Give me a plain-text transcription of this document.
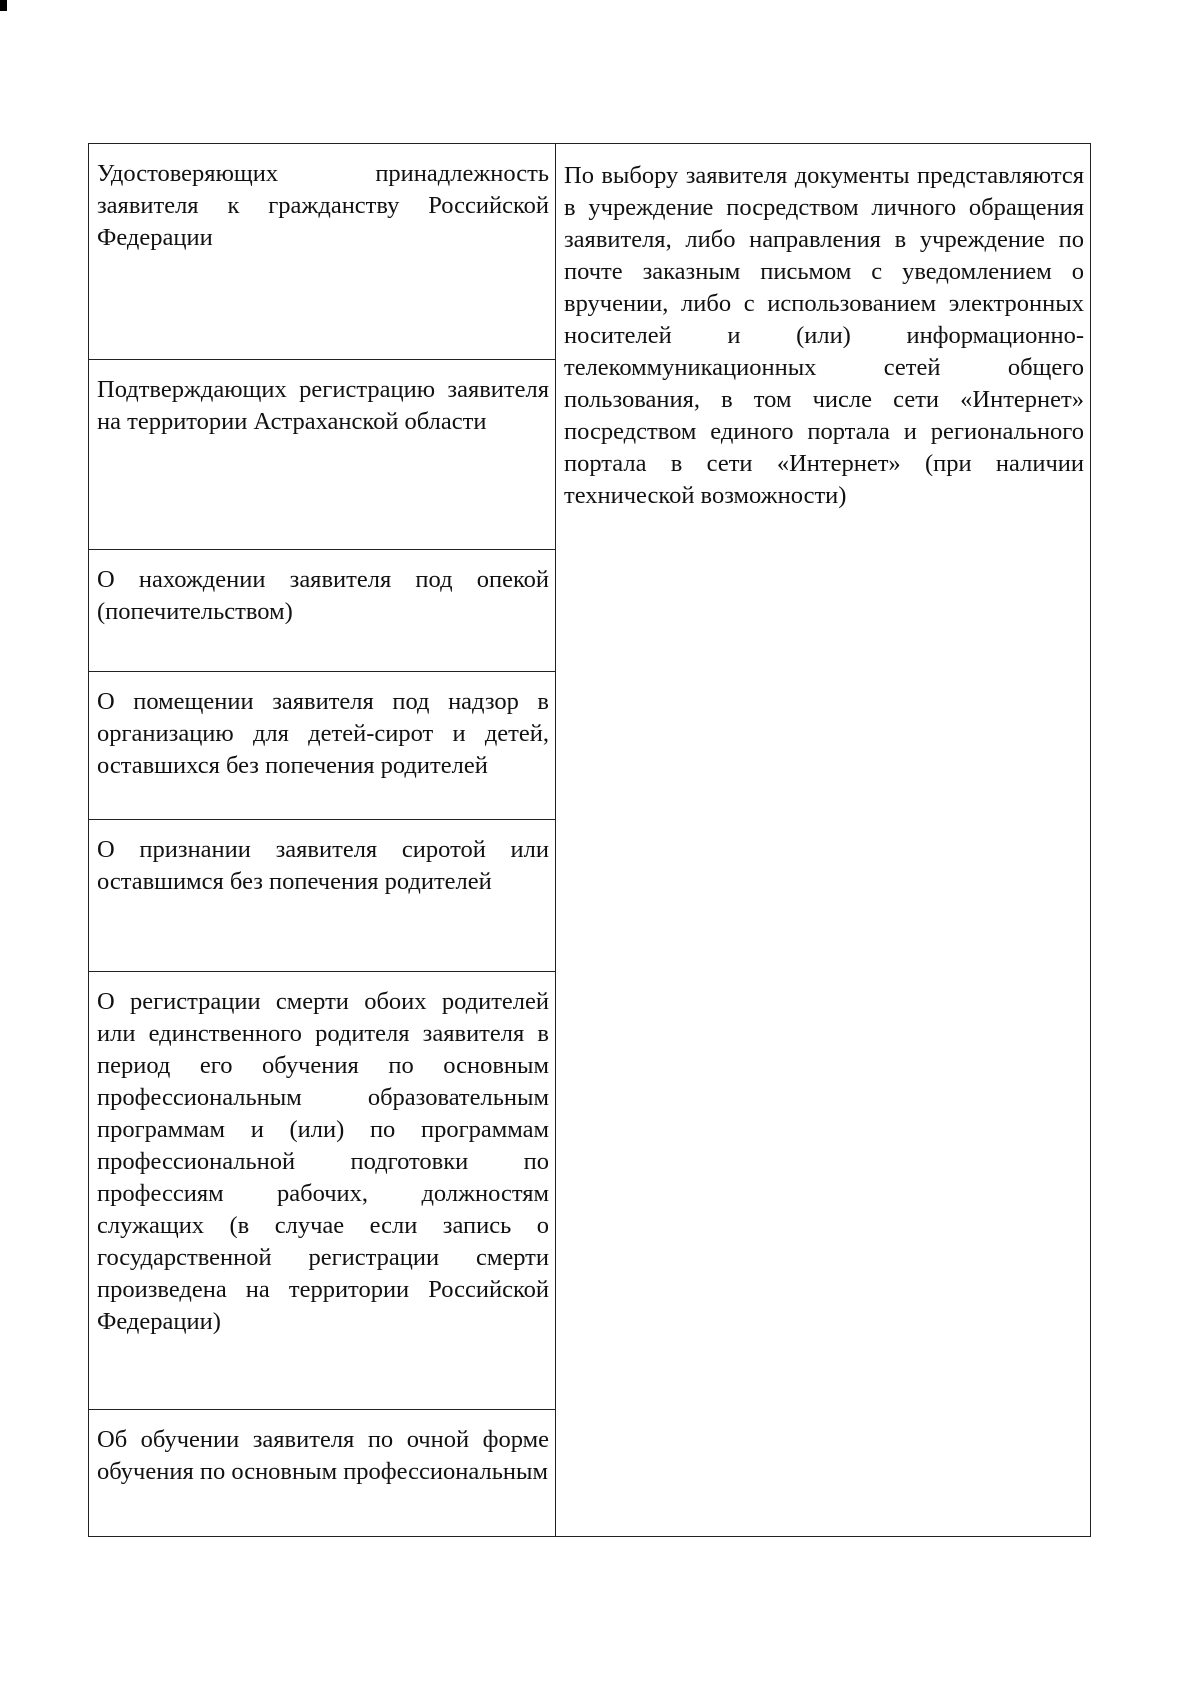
Удостоверяющих принадлежность заявителя к гражданству Российской Федерации	По выбору заявителя документы представляются в учреждение посредством личного обращения заявителя, либо направления в учреждение по почте заказным письмом с уведомлением о вручении, либо с использованием электронных носителей и (или) информационно-телекоммуникационных сетей общего пользования, в том числе сети «Интернет» посредством единого портала и регионального портала в сети «Интернет» (при наличии технической возможности)
Подтверждающих регистрацию заявителя на территории Астраханской области
О нахождении заявителя под опекой (попечительством)
О помещении заявителя под надзор в организацию для детей-сирот и детей, оставшихся без попечения родителей
О признании заявителя сиротой или оставшимся без попечения родителей
О регистрации смерти обоих родителей или единственного родителя заявителя в период его обучения по основным профессиональным образовательным программам и (или) по программам профессиональной подготовки по профессиям рабочих, должностям служащих (в случае если запись о государственной регистрации смерти произведена на территории Российской Федерации)
Об обучении заявителя по очной форме обучения по основным профессиональным
